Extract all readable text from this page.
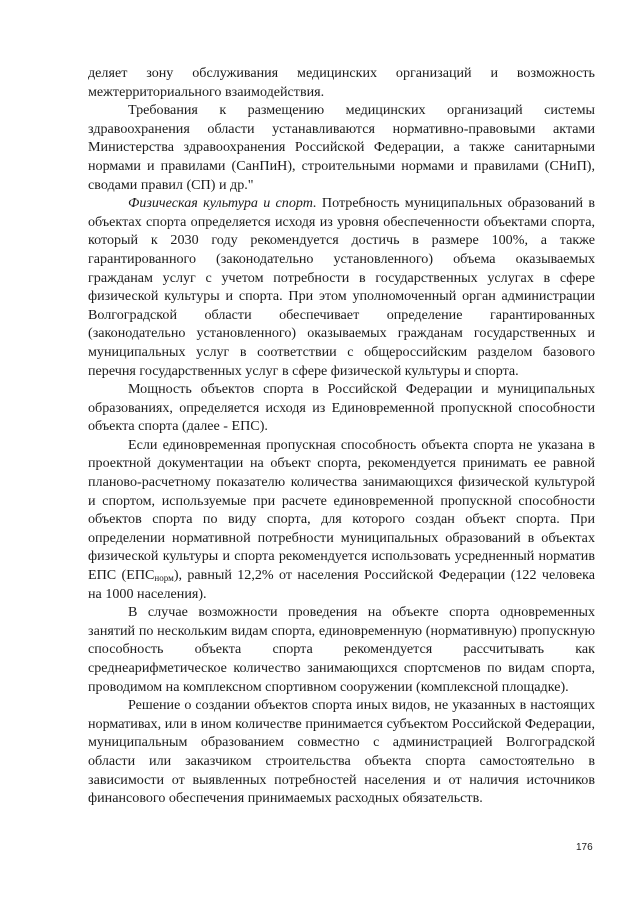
деляет зону обслуживания медицинских организаций и возможность межтерриториального взаимодействия.

Требования к размещению медицинских организаций системы здравоохранения области устанавливаются нормативно-правовыми актами Министерства здравоохранения Российской Федерации, а также санитарными нормами и правилами (СанПиН), строительными нормами и правилами (СНиП), сводами правил (СП) и др."

Физическая культура и спорт. Потребность муниципальных образований в объектах спорта определяется исходя из уровня обеспеченности объектами спорта, который к 2030 году рекомендуется достичь в размере 100%, а также гарантированного (законодательно установленного) объема оказываемых гражданам услуг с учетом потребности в государственных услугах в сфере физической культуры и спорта. При этом уполномоченный орган администрации Волгоградской области обеспечивает определение гарантированных (законодательно установленного) оказываемых гражданам государственных и муниципальных услуг в соответствии с общероссийским разделом базового перечня государственных услуг в сфере физической культуры и спорта.

Мощность объектов спорта в Российской Федерации и муниципальных образованиях, определяется исходя из Единовременной пропускной способности объекта спорта (далее - ЕПС).

Если единовременная пропускная способность объекта спорта не указана в проектной документации на объект спорта, рекомендуется принимать ее равной планово-расчетному показателю количества занимающихся физической культурой и спортом, используемые при расчете единовременной пропускной способности объектов спорта по виду спорта, для которого создан объект спорта. При определении нормативной потребности муниципальных образований в объектах физической культуры и спорта рекомендуется использовать усредненный норматив ЕПС $(ЕПС_{норм})$, равный 12,2% от населения Российской Федерации (122 человека на 1000 населения).

В случае возможности проведения на объекте спорта одновременных занятий по нескольким видам спорта, единовременную (нормативную) пропускную способность объекта спорта рекомендуется рассчитывать как среднеарифметическое количество занимающихся спортсменов по видам спорта, проводимом на комплексном спортивном сооружении (комплексной площадке).

Решение о создании объектов спорта иных видов, не указанных в настоящих нормативах, или в ином количестве принимается субъектом Российской Федерации, муниципальным образованием совместно с администрацией Волгоградской области или заказчиком строительства объекта спорта самостоятельно в зависимости от выявленных потребностей населения и от наличия источников финансового обеспечения принимаемых расходных обязательств.

176
